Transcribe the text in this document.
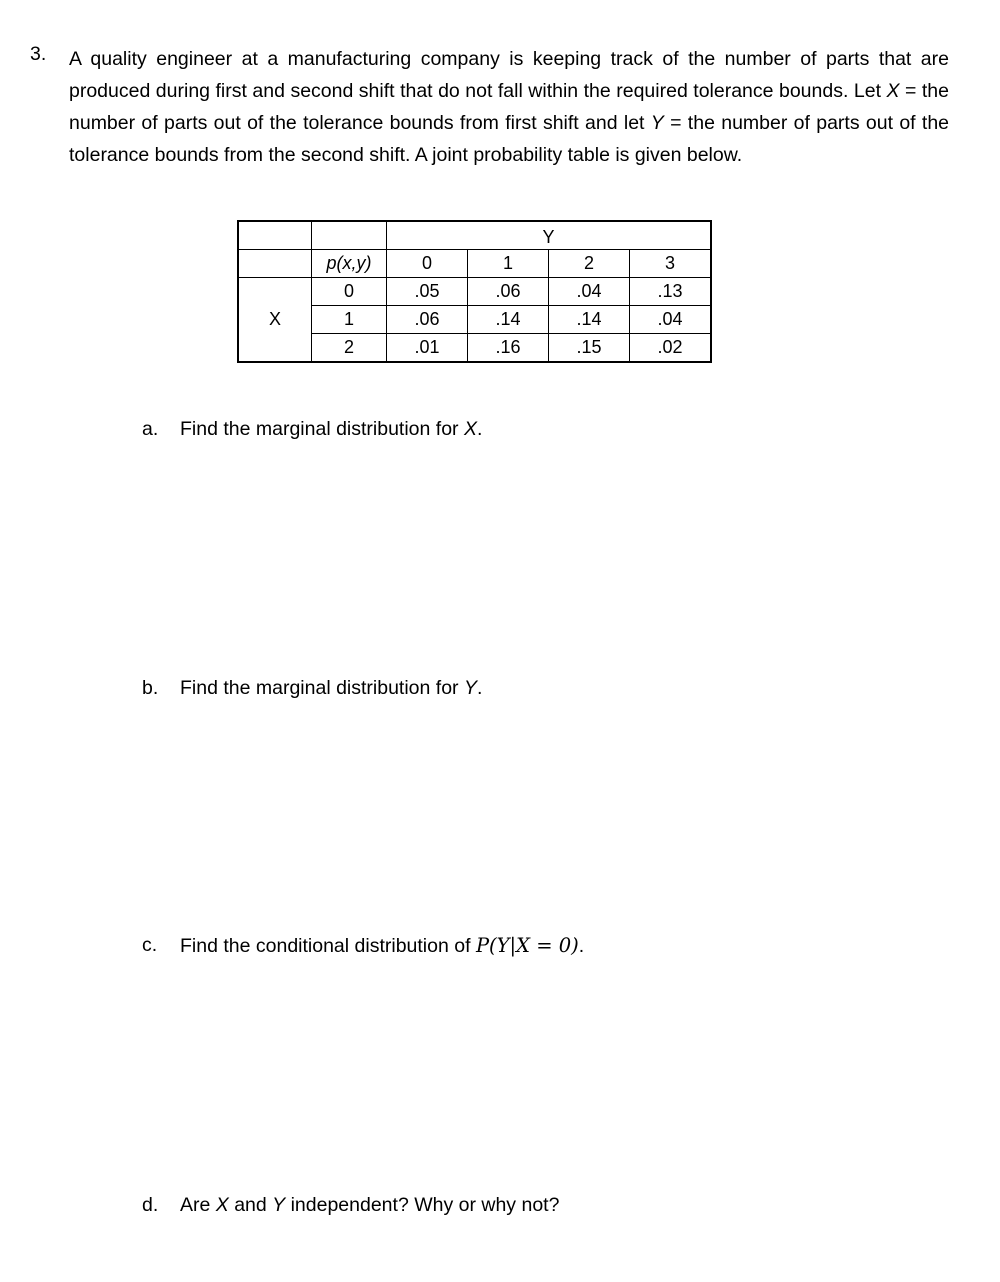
3. A quality engineer at a manufacturing company is keeping track of the number of parts that are produced during first and second shift that do not fall within the required tolerance bounds. Let X = the number of parts out of the tolerance bounds from first shift and let Y = the number of parts out of the tolerance bounds from the second shift. A joint probability table is given below.
		Y			
	p(x,y)	0	1	2	3
X	0	.05	.06	.04	.13
	1	.06	.14	.14	.04
	2	.01	.16	.15	.02
a. Find the marginal distribution for X.
b. Find the marginal distribution for Y.
c. Find the conditional distribution of P(Y|X = 0).
d. Are X and Y independent? Why or why not?
